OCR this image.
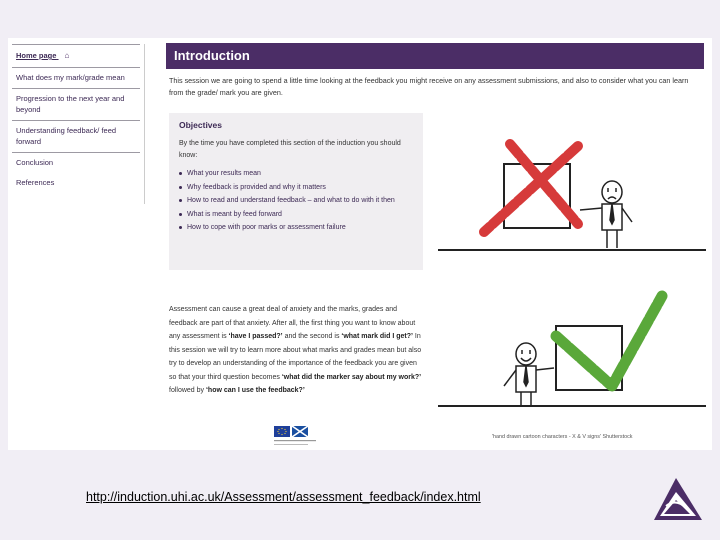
Home page ⌂
What does my mark/grade mean
Progression to the next year and beyond
Understanding feedback/ feed forward
Conclusion
References
Introduction

This session we are going to spend a little time looking at the feedback you might receive on any assessment submissions, and also to consider what you can learn from the grade/ mark you are given.

Objectives

By the time you have completed this section of the induction you should know:

What your results mean
Why feedback is provided and why it matters
How to read and understand feedback – and what to do with it then
What is meant by feed forward
How to cope with poor marks or assessment failure

Assessment can cause a great deal of anxiety and the marks, grades and feedback are part of that anxiety. After all, the first thing you want to know about any assessment is ‘have I passed?’ and the second is ‘what mark did I get?’ In this session we will try to learn more about what marks and grades mean but also try to develop an understanding of the importance of the feedback you are given so that your third question becomes ‘what did the marker say about my work?’ followed by ‘how can I use the feedback?’

'hand drawn cartoon characters - X & V signs' Shutterstock
http://induction.uhi.ac.uk/Assessment/assessment_feedback/index.html
